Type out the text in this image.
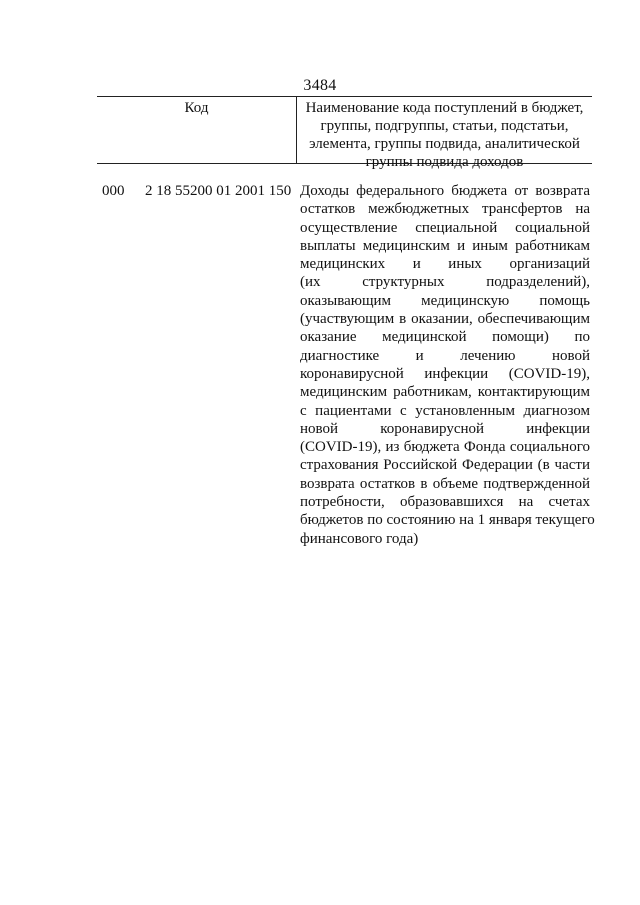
3484
Код	Наименование кода поступлений в бюджет,
группы, подгруппы, статьи, подстатьи,
элемента, группы подвида, аналитической
группы подвида доходов
000 2 18 55200 01 2001 150 Доходы федерального бюджета от возврата
остатков межбюджетных трансфертов на
осуществление специальной социальной
выплаты медицинским и иным работникам
медицинских и иных организаций
(их структурных подразделений),
оказывающим медицинскую помощь
(участвующим в оказании, обеспечивающим
оказание медицинской помощи) по
диагностике и лечению новой
коронавирусной инфекции (COVID-19),
медицинским работникам, контактирующим
с пациентами с установленным диагнозом
новой коронавирусной инфекции
(COVID-19), из бюджета Фонда социального
страхования Российской Федерации (в части
возврата остатков в объеме подтвержденной
потребности, образовавшихся на счетах
бюджетов по состоянию на 1 января текущего
финансового года)
